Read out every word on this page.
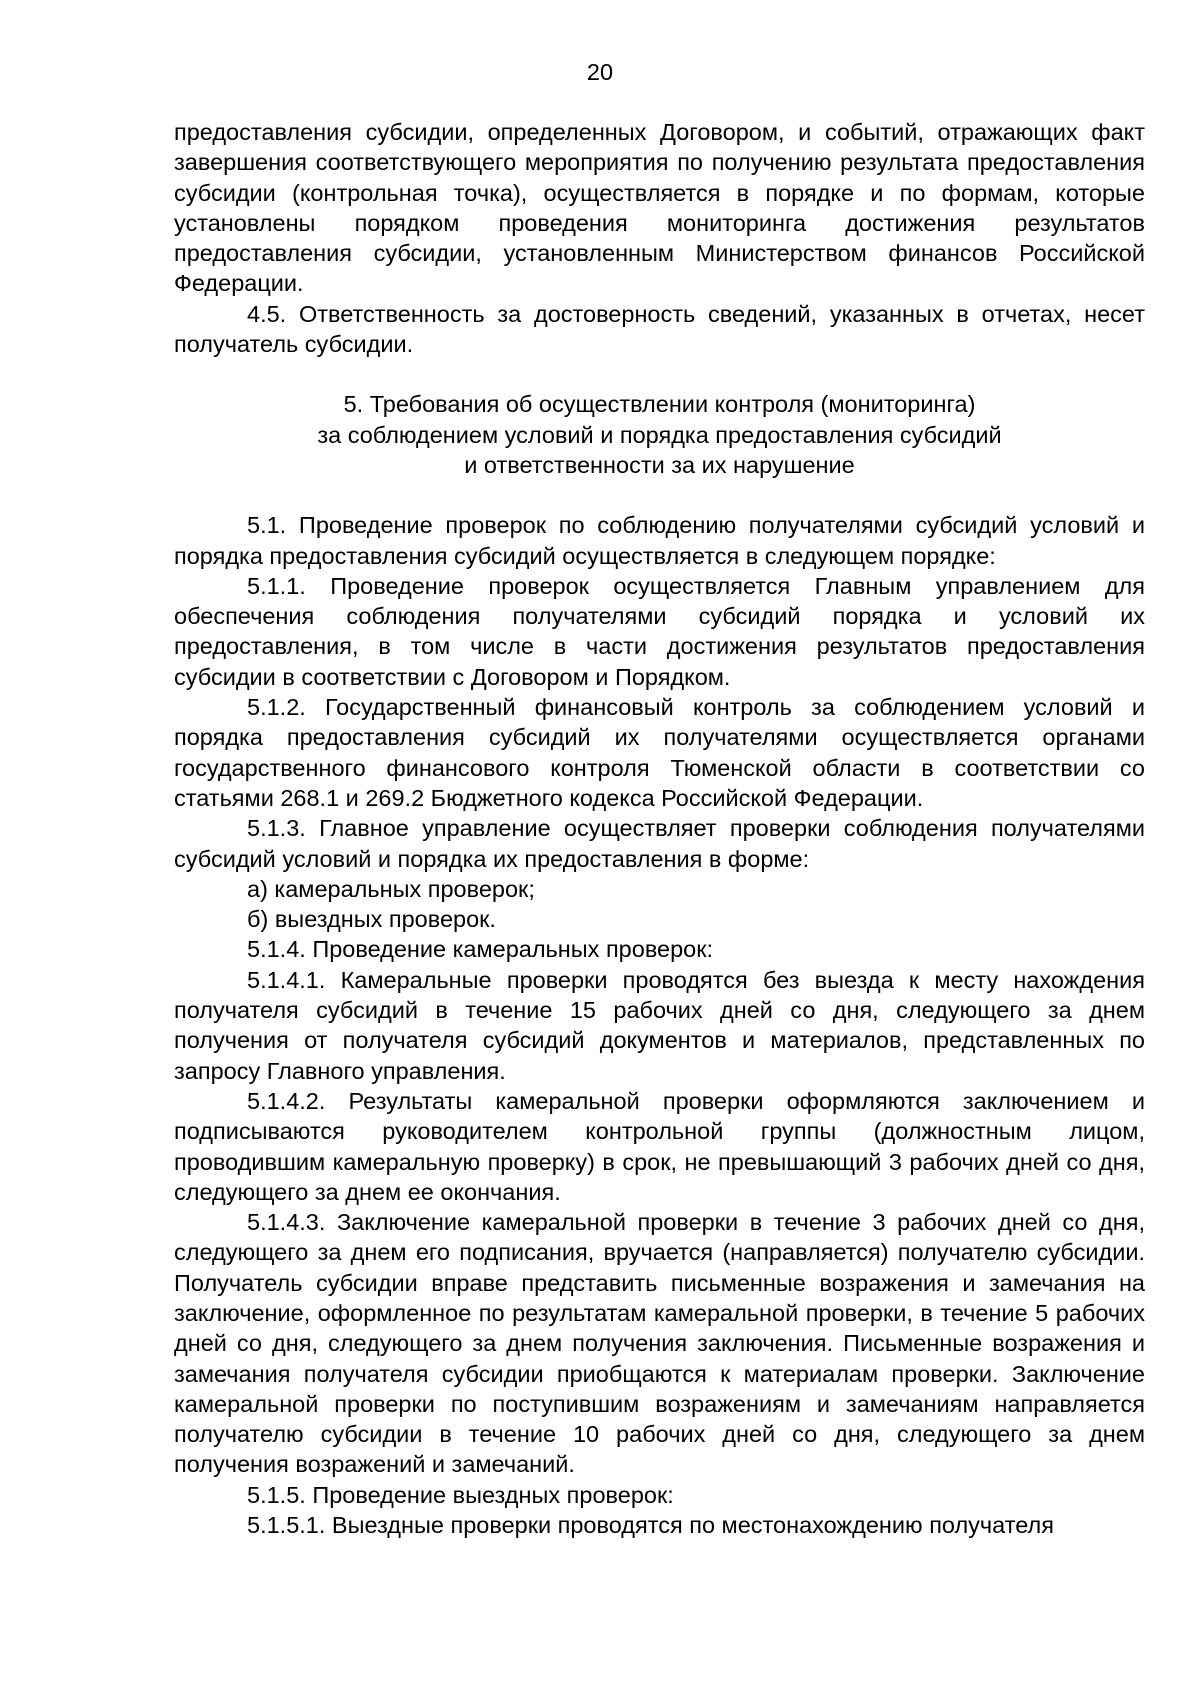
20

предоставления субсидии, определенных Договором, и событий, отражающих факт завершения соответствующего мероприятия по получению результата предоставления субсидии (контрольная точка), осуществляется в порядке и по формам, которые установлены порядком проведения мониторинга достижения результатов предоставления субсидии, установленным Министерством финансов Российской Федерации.

4.5. Ответственность за достоверность сведений, указанных в отчетах, несет получатель субсидии.

5. Требования об осуществлении контроля (мониторинга)
за соблюдением условий и порядка предоставления субсидий
и ответственности за их нарушение

5.1. Проведение проверок по соблюдению получателями субсидий условий и порядка предоставления субсидий осуществляется в следующем порядке:

5.1.1. Проведение проверок осуществляется Главным управлением для обеспечения соблюдения получателями субсидий порядка и условий их предоставления, в том числе в части достижения результатов предоставления субсидии в соответствии с Договором и Порядком.

5.1.2. Государственный финансовый контроль за соблюдением условий и порядка предоставления субсидий их получателями осуществляется органами государственного финансового контроля Тюменской области в соответствии со статьями 268.1 и 269.2 Бюджетного кодекса Российской Федерации.

5.1.3. Главное управление осуществляет проверки соблюдения получателями субсидий условий и порядка их предоставления в форме:

а) камеральных проверок;

б) выездных проверок.

5.1.4. Проведение камеральных проверок:

5.1.4.1. Камеральные проверки проводятся без выезда к месту нахождения получателя субсидий в течение 15 рабочих дней со дня, следующего за днем получения от получателя субсидий документов и материалов, представленных по запросу Главного управления.

5.1.4.2. Результаты камеральной проверки оформляются заключением и подписываются руководителем контрольной группы (должностным лицом, проводившим камеральную проверку) в срок, не превышающий 3 рабочих дней со дня, следующего за днем ее окончания.

5.1.4.3. Заключение камеральной проверки в течение 3 рабочих дней со дня, следующего за днем его подписания, вручается (направляется) получателю субсидии. Получатель субсидии вправе представить письменные возражения и замечания на заключение, оформленное по результатам камеральной проверки, в течение 5 рабочих дней со дня, следующего за днем получения заключения. Письменные возражения и замечания получателя субсидии приобщаются к материалам проверки. Заключение камеральной проверки по поступившим возражениям и замечаниям направляется получателю субсидии в течение 10 рабочих дней со дня, следующего за днем получения возражений и замечаний.

5.1.5. Проведение выездных проверок:

5.1.5.1. Выездные проверки проводятся по местонахождению получателя
